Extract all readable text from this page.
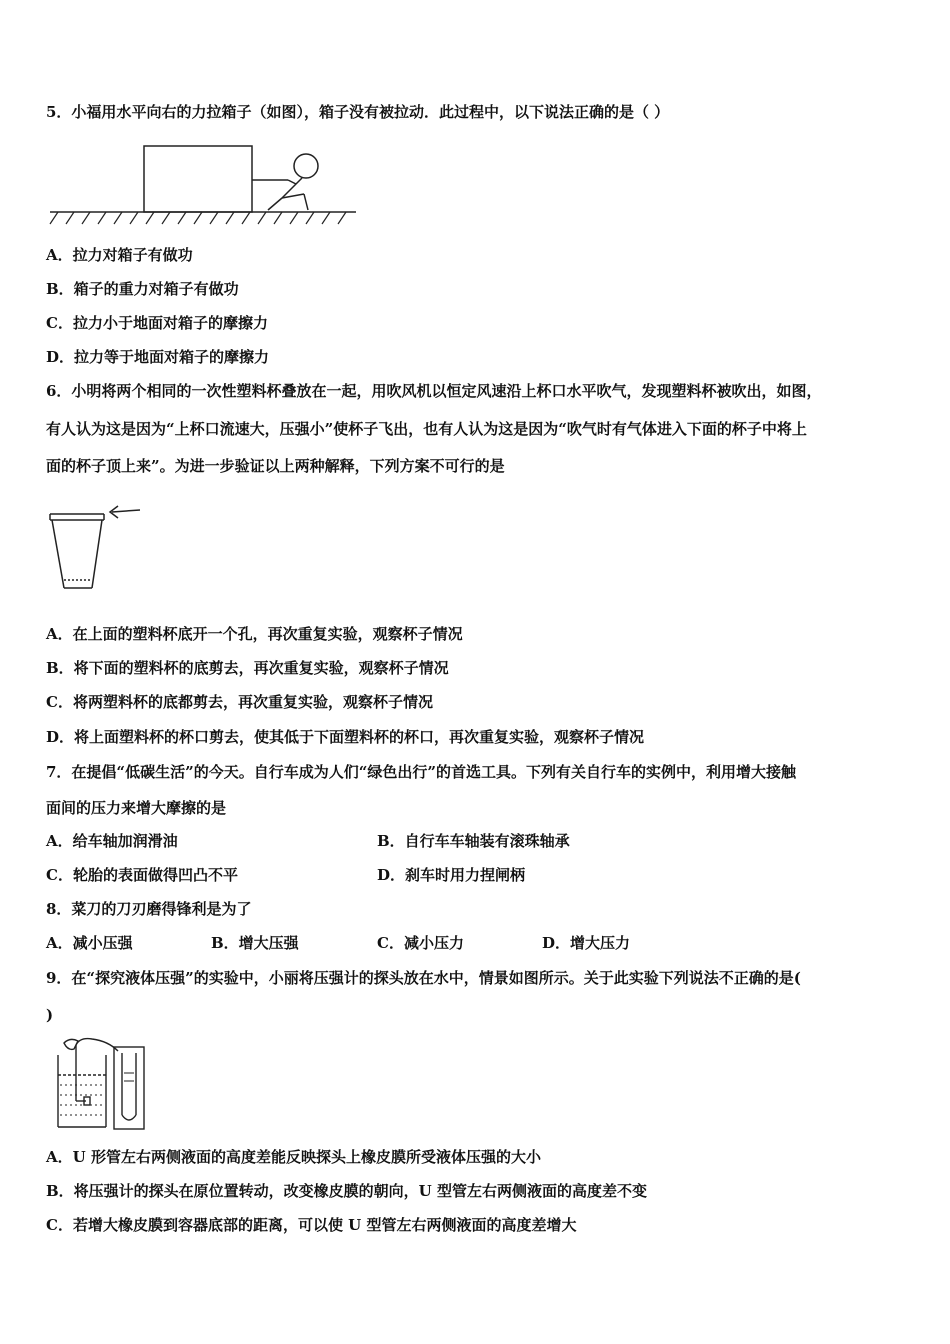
5．小福用水平向右的力拉箱子（如图），箱子没有被拉动．此过程中，以下说法正确的是（ ）
A．拉力对箱子有做功
B．箱子的重力对箱子有做功
C．拉力小于地面对箱子的摩擦力
D．拉力等于地面对箱子的摩擦力
6．小明将两个相同的一次性塑料杯叠放在一起，用吹风机以恒定风速沿上杯口水平吹气，发现塑料杯被吹出，如图，
有人认为这是因为“上杯口流速大，压强小”使杯子飞出，也有人认为这是因为“吹气时有气体进入下面的杯子中将上
面的杯子顶上来”。为进一步验证以上两种解释，下列方案不可行的是
A．在上面的塑料杯底开一个孔，再次重复实验，观察杯子情况
B．将下面的塑料杯的底剪去，再次重复实验，观察杯子情况
C．将两塑料杯的底都剪去，再次重复实验，观察杯子情况
D．将上面塑料杯的杯口剪去，使其低于下面塑料杯的杯口，再次重复实验，观察杯子情况
7．在提倡“低碳生活”的今天。自行车成为人们“绿色出行”的首选工具。下列有关自行车的实例中，利用增大接触
面间的压力来增大摩擦的是
A．给车轴加润滑油	B．自行车车轴装有滚珠轴承
C．轮胎的表面做得凹凸不平	D．刹车时用力捏闸柄
8．菜刀的刀刃磨得锋利是为了
A．减小压强	B．增大压强	C．减小压力	D．增大压力
9．在“探究液体压强”的实验中，小丽将压强计的探头放在水中，情景如图所示。关于此实验下列说法不正确的是(
)
A．U 形管左右两侧液面的高度差能反映探头上橡皮膜所受液体压强的大小
B．将压强计的探头在原位置转动，改变橡皮膜的朝向，U 型管左右两侧液面的高度差不变
C．若增大橡皮膜到容器底部的距离，可以使 U 型管左右两侧液面的高度差增大
